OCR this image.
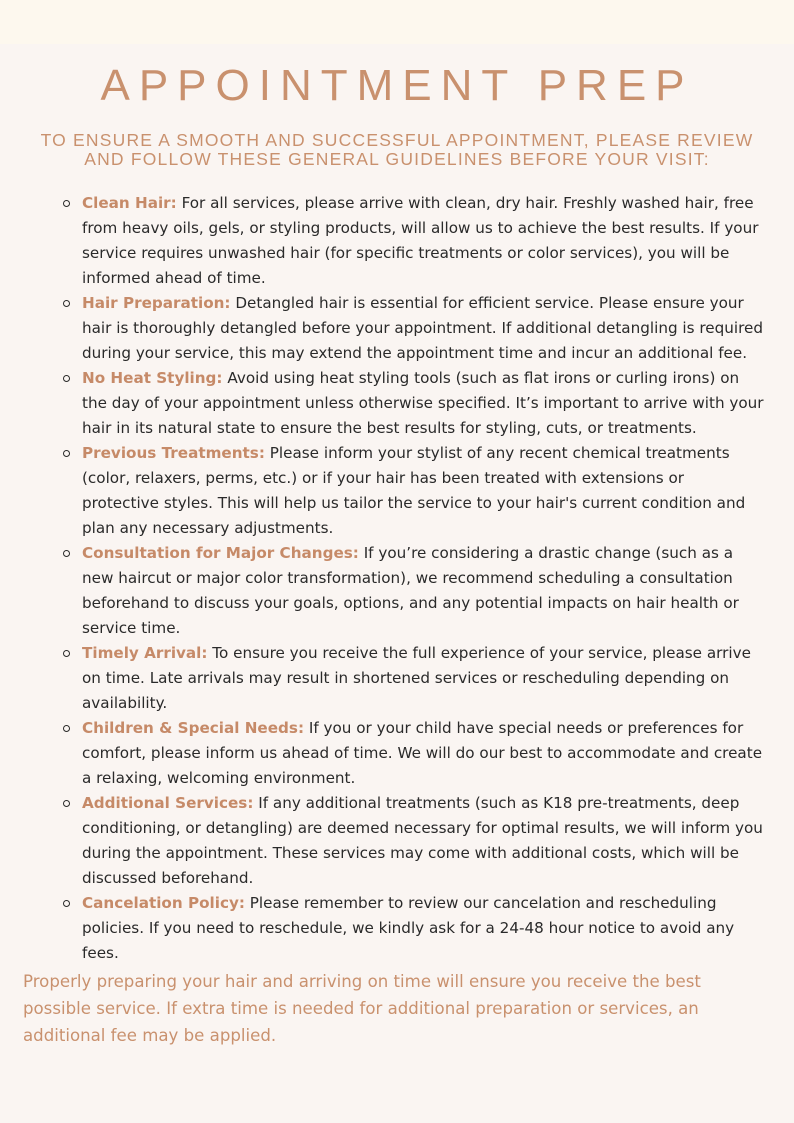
APPOINTMENT PREP
TO ENSURE A SMOOTH AND SUCCESSFUL APPOINTMENT, PLEASE REVIEW AND FOLLOW THESE GENERAL GUIDELINES BEFORE YOUR VISIT:
Clean Hair: For all services, please arrive with clean, dry hair. Freshly washed hair, free from heavy oils, gels, or styling products, will allow us to achieve the best results. If your service requires unwashed hair (for specific treatments or color services), you will be informed ahead of time.
Hair Preparation: Detangled hair is essential for efficient service. Please ensure your hair is thoroughly detangled before your appointment. If additional detangling is required during your service, this may extend the appointment time and incur an additional fee.
No Heat Styling: Avoid using heat styling tools (such as flat irons or curling irons) on the day of your appointment unless otherwise specified. It’s important to arrive with your hair in its natural state to ensure the best results for styling, cuts, or treatments.
Previous Treatments: Please inform your stylist of any recent chemical treatments (color, relaxers, perms, etc.) or if your hair has been treated with extensions or protective styles. This will help us tailor the service to your hair's current condition and plan any necessary adjustments.
Consultation for Major Changes: If you’re considering a drastic change (such as a new haircut or major color transformation), we recommend scheduling a consultation beforehand to discuss your goals, options, and any potential impacts on hair health or service time.
Timely Arrival: To ensure you receive the full experience of your service, please arrive on time. Late arrivals may result in shortened services or rescheduling depending on availability.
Children & Special Needs: If you or your child have special needs or preferences for comfort, please inform us ahead of time. We will do our best to accommodate and create a relaxing, welcoming environment.
Additional Services: If any additional treatments (such as K18 pre-treatments, deep conditioning, or detangling) are deemed necessary for optimal results, we will inform you during the appointment. These services may come with additional costs, which will be discussed beforehand.
Cancelation Policy: Please remember to review our cancelation and rescheduling policies. If you need to reschedule, we kindly ask for a 24-48 hour notice to avoid any fees.

Properly preparing your hair and arriving on time will ensure you receive the best possible service. If extra time is needed for additional preparation or services, an additional fee may be applied.
